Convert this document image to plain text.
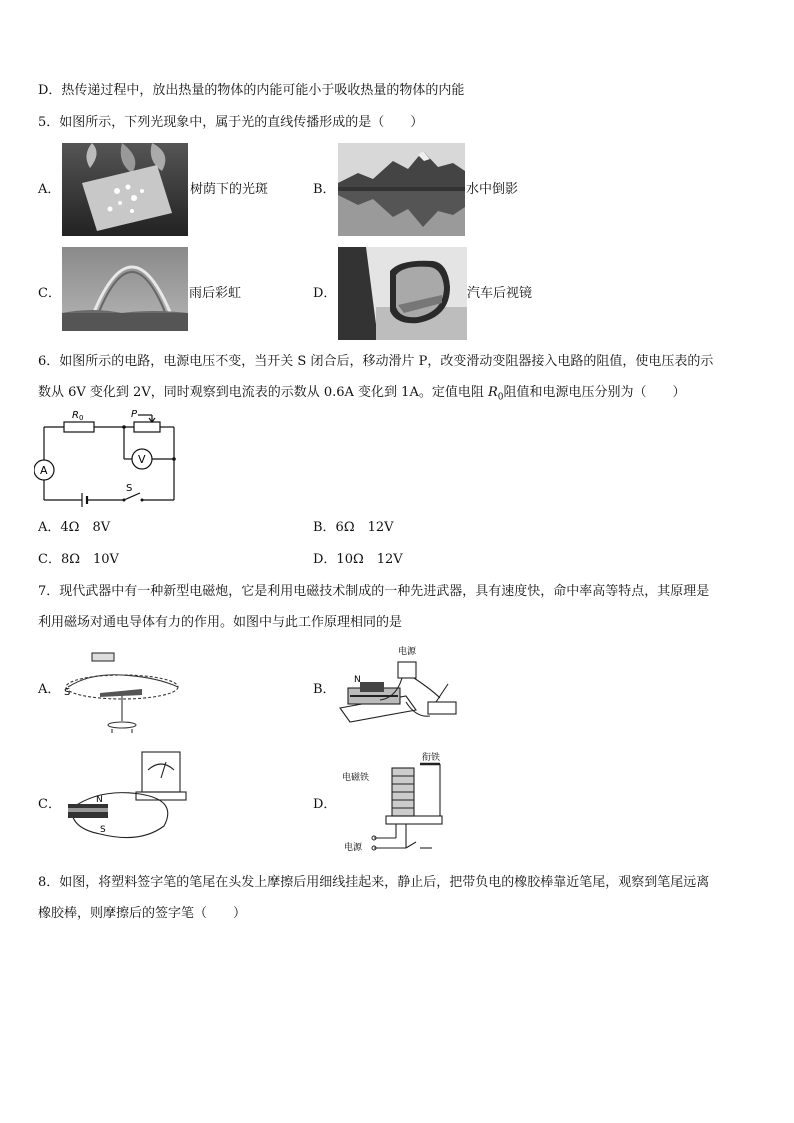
D．热传递过程中，放出热量的物体的内能可能小于吸收热量的物体的内能
5．如图所示，下列光现象中，属于光的直线传播形成的是（　　）
A．	树荫下的光斑	B．	水中倒影
C．	雨后彩虹	D．	汽车后视镜
6．如图所示的电路，电源电压不变，当开关 S 闭合后，移动滑片 P，改变滑动变阻器接入电路的阻值，使电压表的示
数从 6V 变化到 2V，同时观察到电流表的示数从 0.6A 变化到 1A。定值电阻 $R_0$阻值和电源电压分别为（　　）
R 0	P
A
V
S
A．4Ω　8V	B．6Ω　12V
C．8Ω　10V	D．10Ω　12V
7．现代武器中有一种新型电磁炮，它是利用电磁技术制成的一种先进武器，具有速度快，命中率高等特点，其原理是
利用磁场对通电导体有力的作用。如图中与此工作原理相同的是
A． S	B．
N
电源
C．	N
S
D．
电磁铁
衔铁
电源
8．如图，将塑料签字笔的笔尾在头发上摩擦后用细线挂起来，静止后，把带负电的橡胶棒靠近笔尾，观察到笔尾远离
橡胶棒，则摩擦后的签字笔（　　）
